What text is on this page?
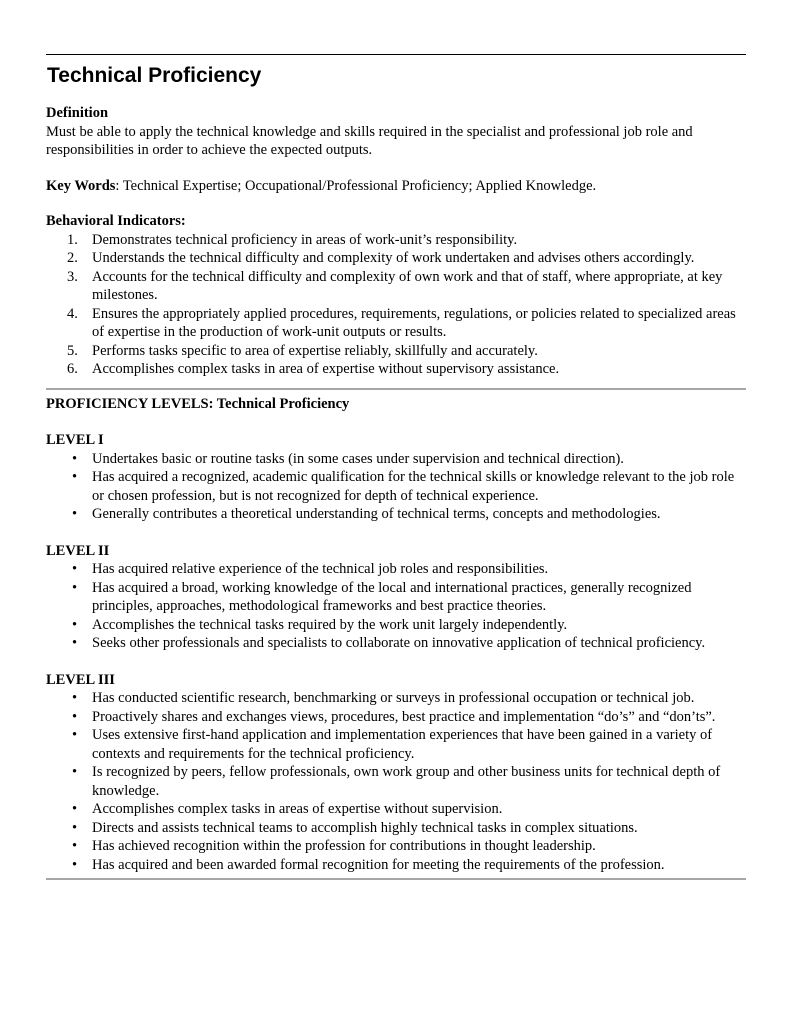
Technical Proficiency
Definition
Must be able to apply the technical knowledge and skills required in the specialist and professional job role and responsibilities in order to achieve the expected outputs.
Key Words: Technical Expertise; Occupational/Professional Proficiency; Applied Knowledge.
Behavioral Indicators:
1. Demonstrates technical proficiency in areas of work-unit’s responsibility.
2. Understands the technical difficulty and complexity of work undertaken and advises others accordingly.
3. Accounts for the technical difficulty and complexity of own work and that of staff, where appropriate, at key milestones.
4. Ensures the appropriately applied procedures, requirements, regulations, or policies related to specialized areas of expertise in the production of work-unit outputs or results.
5. Performs tasks specific to area of expertise reliably, skillfully and accurately.
6. Accomplishes complex tasks in area of expertise without supervisory assistance.
PROFICIENCY LEVELS: Technical Proficiency
LEVEL I
• Undertakes basic or routine tasks (in some cases under supervision and technical direction).
• Has acquired a recognized, academic qualification for the technical skills or knowledge relevant to the job role or chosen profession, but is not recognized for depth of technical experience.
• Generally contributes a theoretical understanding of technical terms, concepts and methodologies.
LEVEL II
• Has acquired relative experience of the technical job roles and responsibilities.
• Has acquired a broad, working knowledge of the local and international practices, generally recognized principles, approaches, methodological frameworks and best practice theories.
• Accomplishes the technical tasks required by the work unit largely independently.
• Seeks other professionals and specialists to collaborate on innovative application of technical proficiency.
LEVEL III
• Has conducted scientific research, benchmarking or surveys in professional occupation or technical job.
• Proactively shares and exchanges views, procedures, best practice and implementation “do’s” and “don’ts”.
• Uses extensive first-hand application and implementation experiences that have been gained in a variety of contexts and requirements for the technical proficiency.
• Is recognized by peers, fellow professionals, own work group and other business units for technical depth of knowledge.
• Accomplishes complex tasks in areas of expertise without supervision.
• Directs and assists technical teams to accomplish highly technical tasks in complex situations.
• Has achieved recognition within the profession for contributions in thought leadership.
• Has acquired and been awarded formal recognition for meeting the requirements of the profession.
